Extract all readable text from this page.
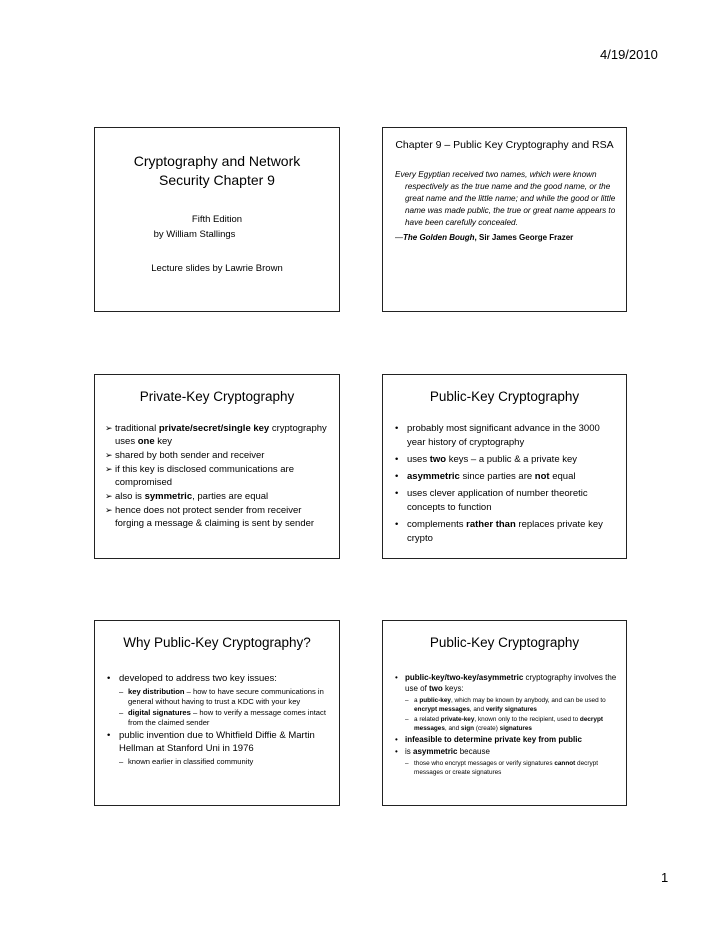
4/19/2010
Cryptography and Network Security Chapter 9
Fifth Edition
by William Stallings
Lecture slides by Lawrie Brown
Chapter 9 – Public Key Cryptography and RSA
Every Egyptian received two names, which were known respectively as the true name and the good name, or the great name and the little name; and while the good or little name was made public, the true or great name appears to have been carefully concealed.
—The Golden Bough, Sir James George Frazer
Private-Key Cryptography
➢ traditional private/secret/single key cryptography uses one key
➢ shared by both sender and receiver
➢ if this key is disclosed communications are compromised
➢ also is symmetric, parties are equal
➢ hence does not protect sender from receiver forging a message & claiming is sent by sender
Public-Key Cryptography
• probably most significant advance in the 3000 year history of cryptography
• uses two keys – a public & a private key
• asymmetric since parties are not equal
• uses clever application of number theoretic concepts to function
• complements rather than replaces private key crypto
Why Public-Key Cryptography?
• developed to address two key issues:
– key distribution – how to have secure communications in general without having to trust a KDC with your key
– digital signatures – how to verify a message comes intact from the claimed sender
• public invention due to Whitfield Diffie & Martin Hellman at Stanford Uni in 1976
– known earlier in classified community
Public-Key Cryptography
• public-key/two-key/asymmetric cryptography involves the use of two keys:
– a public-key, which may be known by anybody, and can be used to encrypt messages, and verify signatures
– a related private-key, known only to the recipient, used to decrypt messages, and sign (create) signatures
• infeasible to determine private key from public
• is asymmetric because
– those who encrypt messages or verify signatures cannot decrypt messages or create signatures
1
